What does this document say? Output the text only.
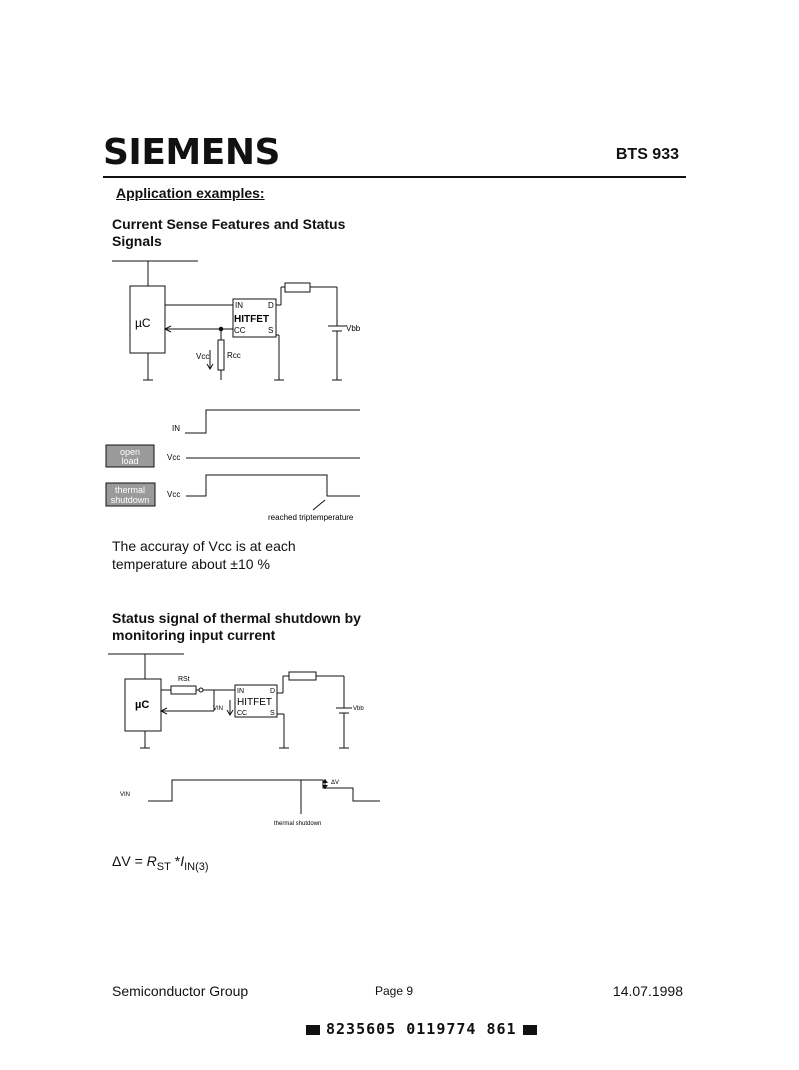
SIEMENS	BTS 933
Application examples:
Current Sense Features and Status
Signals
µC
IN	D
HITFET
CC	S
Vcc Rcc
Vbb
open
load
thermal
shutdown
IN
Vcc
Vcc
reached triptemperature
The accuray of Vcc is at each
temperature about ±10 %
Status signal of thermal shutdown by
monitoring input current
µC
RSt
IN	D
HITFET
CC	S
VIN	Vbb
VIN
ΔV
thermal shutdown
$\Delta V = R_{ST}$ $*I_{IN(3)}$
Semiconductor Group	Page 9	14.07.1998
8235605 0119774 861
